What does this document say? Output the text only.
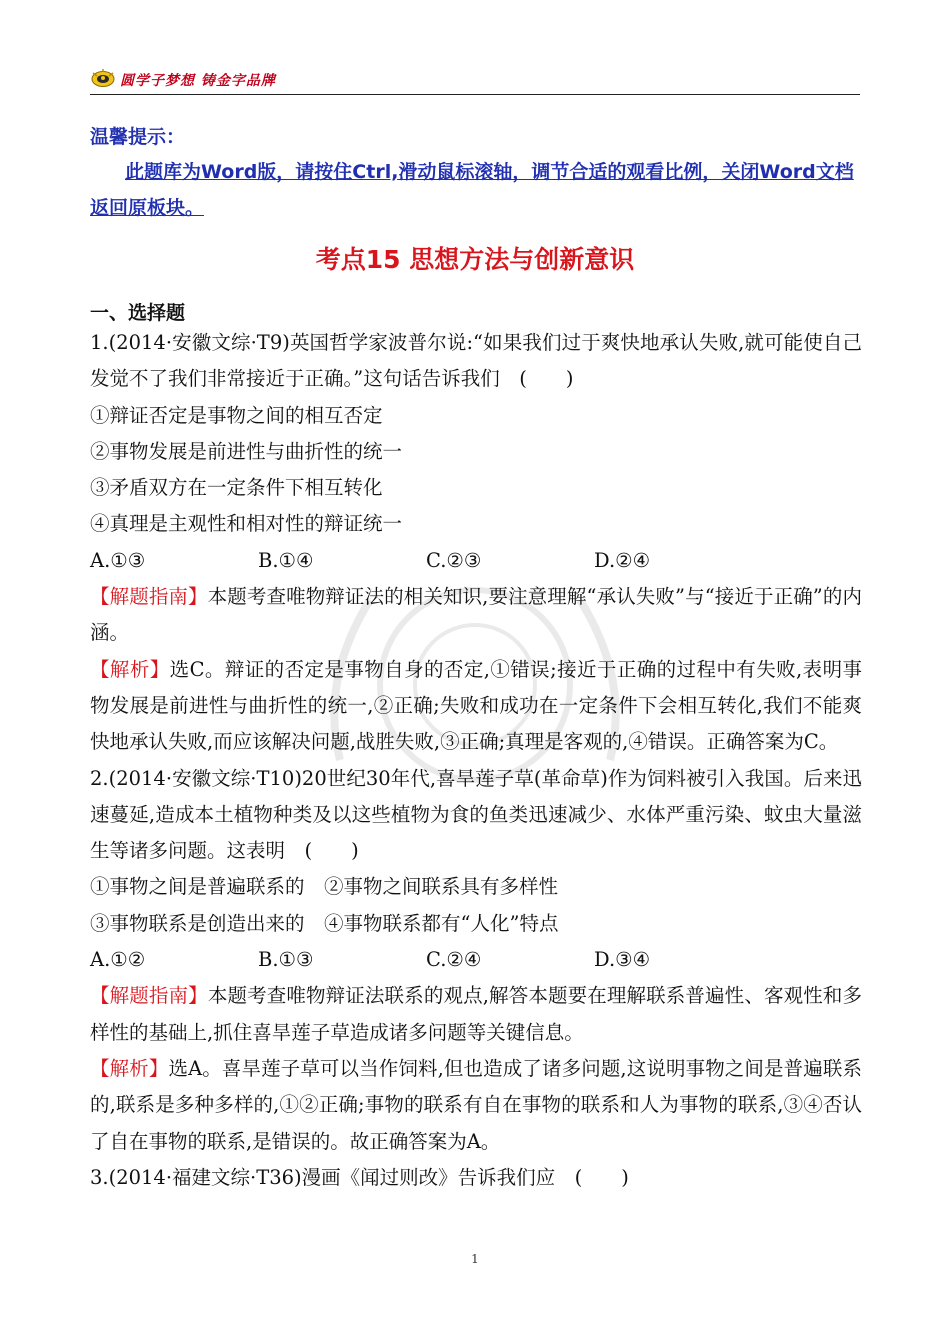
圆学子梦想 铸金字品牌
温馨提示：
此题库为Word版，请按住Ctrl,滑动鼠标滚轴，调节合适的观看比例，关闭Word文档返回原板块。
考点15 思想方法与创新意识
一、选择题

1.(2014·安徽文综·T9)英国哲学家波普尔说:“如果我们过于爽快地承认失败,就可能使自己发觉不了我们非常接近于正确。”这句话告诉我们　(　　)

①辩证否定是事物之间的相互否定

②事物发展是前进性与曲折性的统一

③矛盾双方在一定条件下相互转化

④真理是主观性和相对性的辩证统一

A.①③	B.①④	C.②③	D.②④

【解题指南】本题考查唯物辩证法的相关知识,要注意理解“承认失败”与“接近于正确”的内涵。

【解析】选C。辩证的否定是事物自身的否定,①错误;接近于正确的过程中有失败,表明事物发展是前进性与曲折性的统一,②正确;失败和成功在一定条件下会相互转化,我们不能爽快地承认失败,而应该解决问题,战胜失败,③正确;真理是客观的,④错误。正确答案为C。

2.(2014·安徽文综·T10)20世纪30年代,喜旱莲子草(革命草)作为饲料被引入我国。后来迅速蔓延,造成本土植物种类及以这些植物为食的鱼类迅速减少、水体严重污染、蚊虫大量滋生等诸多问题。这表明　(　　)

①事物之间是普遍联系的　②事物之间联系具有多样性

③事物联系是创造出来的　④事物联系都有“人化”特点

A.①②	B.①③	C.②④	D.③④

【解题指南】本题考查唯物辩证法联系的观点,解答本题要在理解联系普遍性、客观性和多样性的基础上,抓住喜旱莲子草造成诸多问题等关键信息。

【解析】选A。喜旱莲子草可以当作饲料,但也造成了诸多问题,这说明事物之间是普遍联系的,联系是多种多样的,①②正确;事物的联系有自在事物的联系和人为事物的联系,③④否认了自在事物的联系,是错误的。故正确答案为A。

3.(2014·福建文综·T36)漫画《闻过则改》告诉我们应　(　　)

1
